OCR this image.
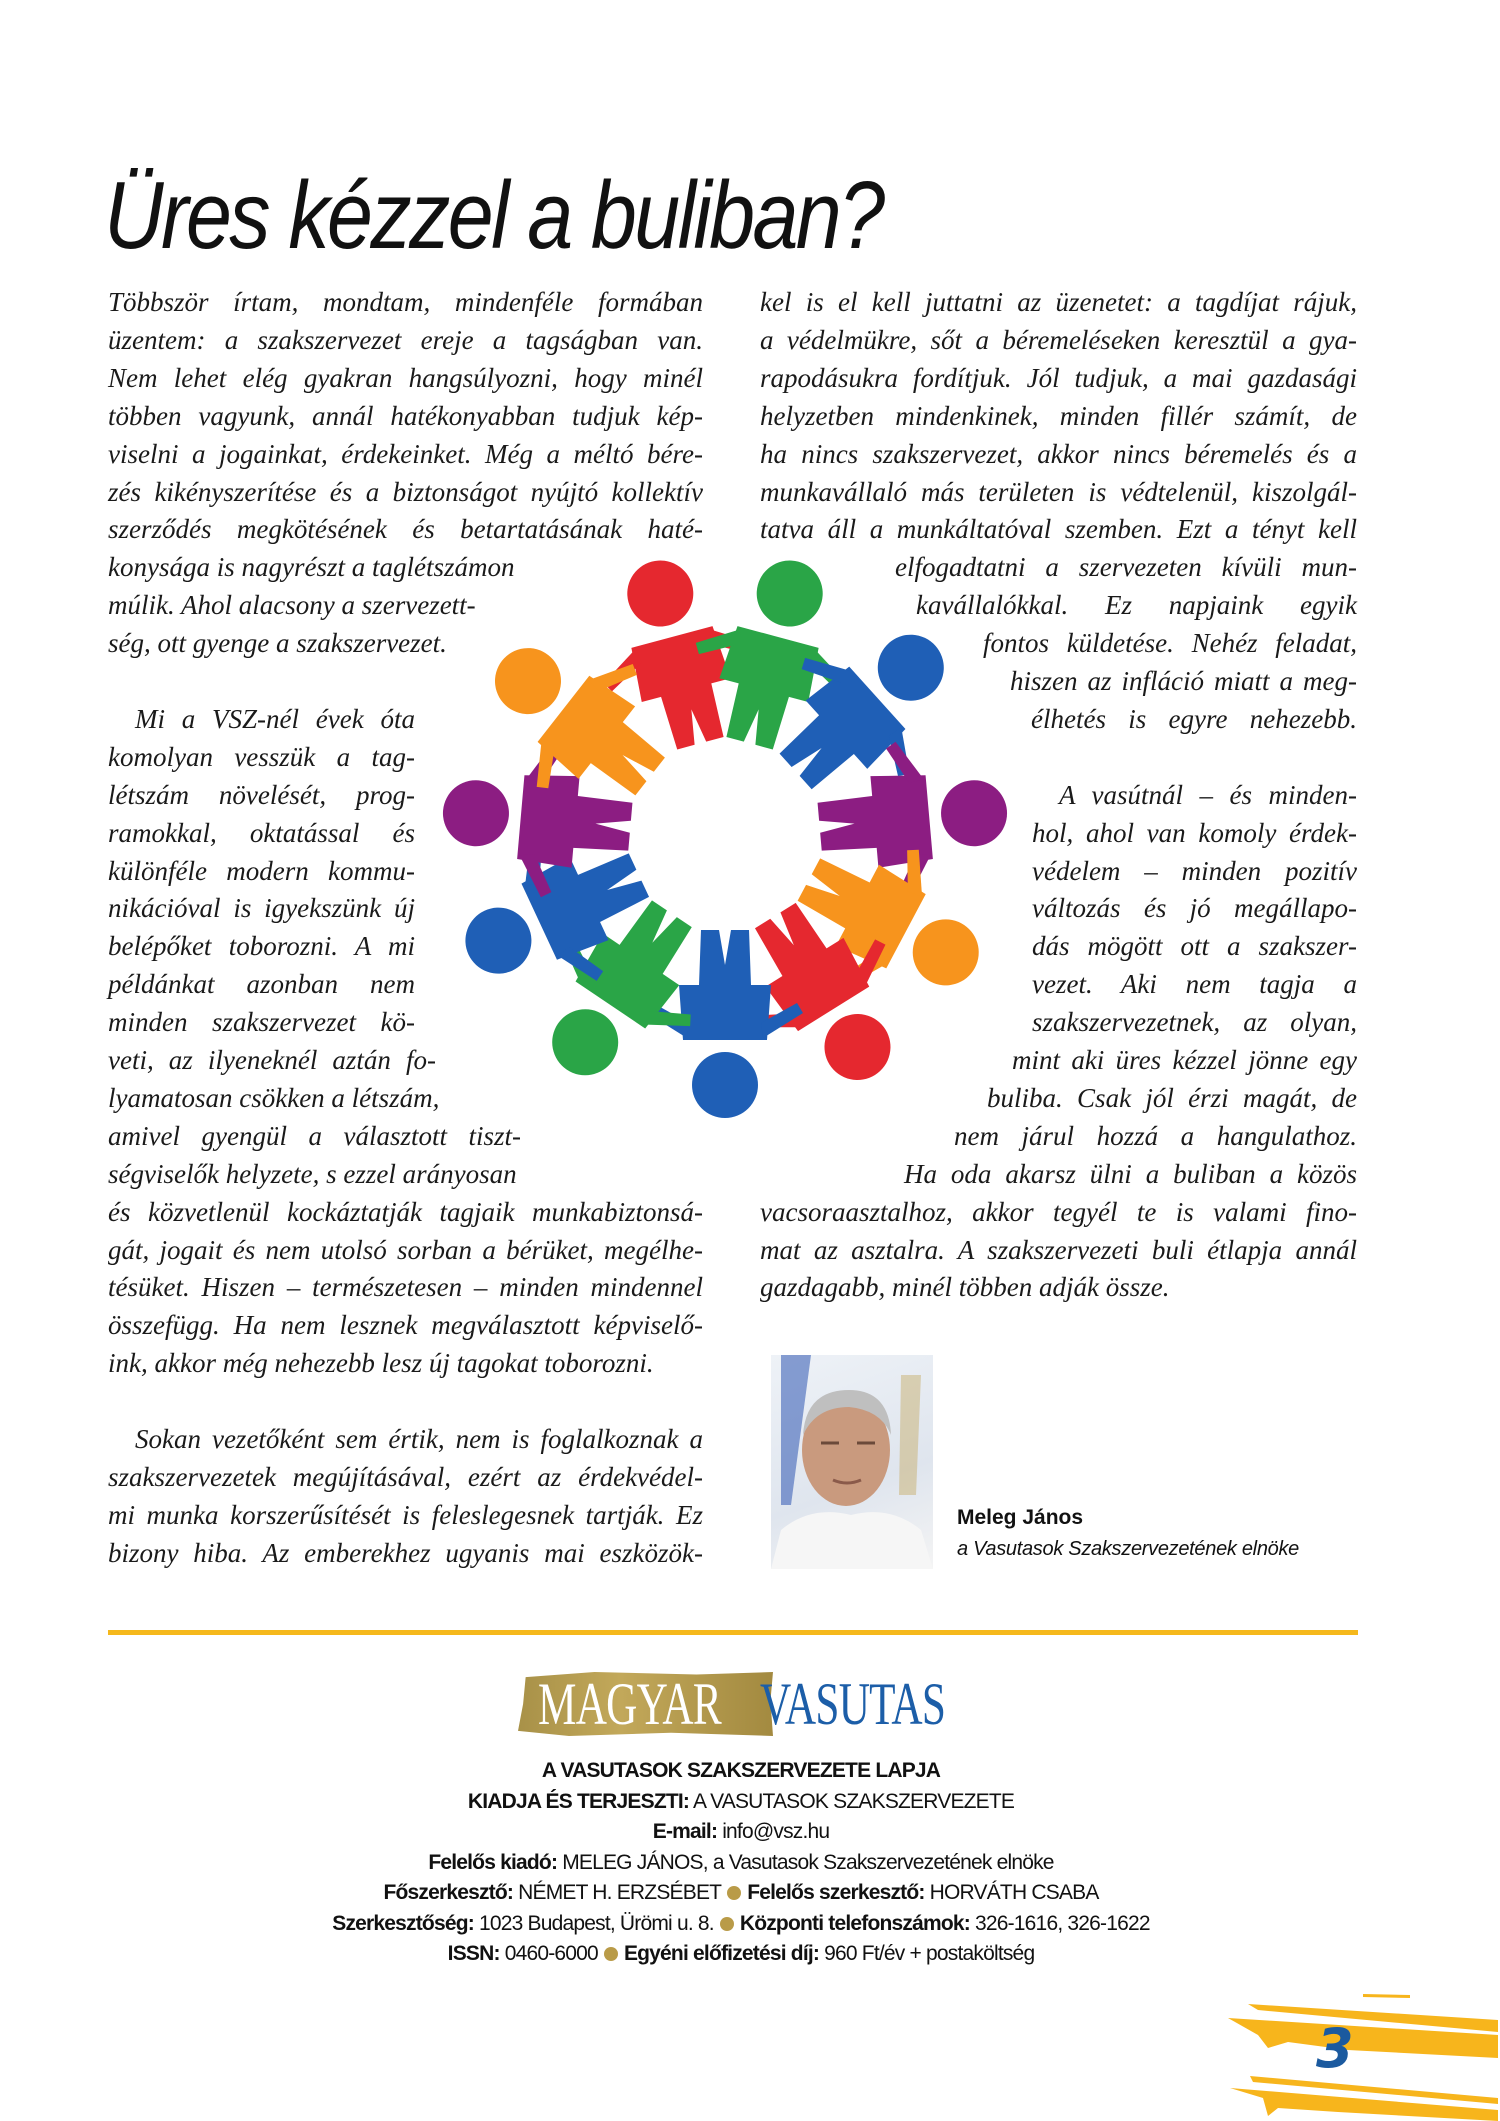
Üres kézzel a buliban?
Többször írtam, mondtam, mindenféle formában
üzentem: a szakszervezet ereje a tagságban van.
Nem lehet elég gyakran hangsúlyozni, hogy minél
többen vagyunk, annál hatékonyabban tudjuk kép-
viselni a jogainkat, érdekeinket. Még a méltó bére-
zés kikényszerítése és a biztonságot nyújtó kollektív
szerződés megkötésének és betartatásának haté-
konysága is nagyrészt a taglétszámon
múlik. Ahol alacsony a szervezett-
ség, ott gyenge a szakszervezet.
Mi a VSZ-nél évek óta
komolyan vesszük a tag-
létszám növelését, prog-
ramokkal, oktatással és
különféle modern kommu-
nikációval is igyekszünk új
belépőket toborozni. A mi
példánkat azonban nem
minden szakszervezet kö-
veti, az ilyeneknél aztán fo-
lyamatosan csökken a létszám,
amivel gyengül a választott tiszt-
ségviselők helyzete, s ezzel arányosan
és közvetlenül kockáztatják tagjaik munkabiztonsá-
gát, jogait és nem utolsó sorban a bérüket, megélhe-
tésüket. Hiszen – természetesen – minden mindennel
összefügg. Ha nem lesznek megválasztott képviselő-
ink, akkor még nehezebb lesz új tagokat toborozni.
Sokan vezetőként sem értik, nem is foglalkoznak a
szakszervezetek megújításával, ezért az érdekvédel-
mi munka korszerűsítését is feleslegesnek tartják. Ez
bizony hiba. Az emberekhez ugyanis mai eszközök-
kel is el kell juttatni az üzenetet: a tagdíjat rájuk,
a védelmükre, sőt a béremeléseken keresztül a gya-
rapodásukra fordítjuk. Jól tudjuk, a mai gazdasági
helyzetben mindenkinek, minden fillér számít, de
ha nincs szakszervezet, akkor nincs béremelés és a
munkavállaló más területen is védtelenül, kiszolgál-
tatva áll a munkáltatóval szemben. Ezt a tényt kell
elfogadtatni a szervezeten kívüli mun-
kavállalókkal. Ez napjaink egyik
fontos küldetése. Nehéz feladat,
hiszen az infláció miatt a meg-
élhetés is egyre nehezebb.
A vasútnál – és minden-
hol, ahol van komoly érdek-
védelem – minden pozitív
változás és jó megállapo-
dás mögött ott a szakszer-
vezet. Aki nem tagja a
szakszervezetnek, az olyan,
mint aki üres kézzel jönne egy
buliba. Csak jól érzi magát, de
nem járul hozzá a hangulathoz.
Ha oda akarsz ülni a buliban a közös
vacsoraasztalhoz, akkor tegyél te is valami fino-
mat az asztalra. A szakszervezeti buli étlapja annál
gazdagabb, minél többen adják össze.
Meleg János
a Vasutasok Szakszervezetének elnöke
MAGYAR VASUTAS
A VASUTASOK SZAKSZERVEZETE LAPJA
KIADJA ÉS TERJESZTI: A VASUTASOK SZAKSZERVEZETE
E-mail: info@vsz.hu
Felelős kiadó: MELEG JÁNOS, a Vasutasok Szakszervezetének elnöke
Főszerkesztő: NÉMET H. ERZSÉBET Felelős szerkesztő: HORVÁTH CSABA
Szerkesztőség: 1023 Budapest, Ürömi u. 8. Központi telefonszámok: 326-1616, 326-1622
ISSN: 0460-6000 Egyéni előfizetési díj: 960 Ft/év + postaköltség
3
